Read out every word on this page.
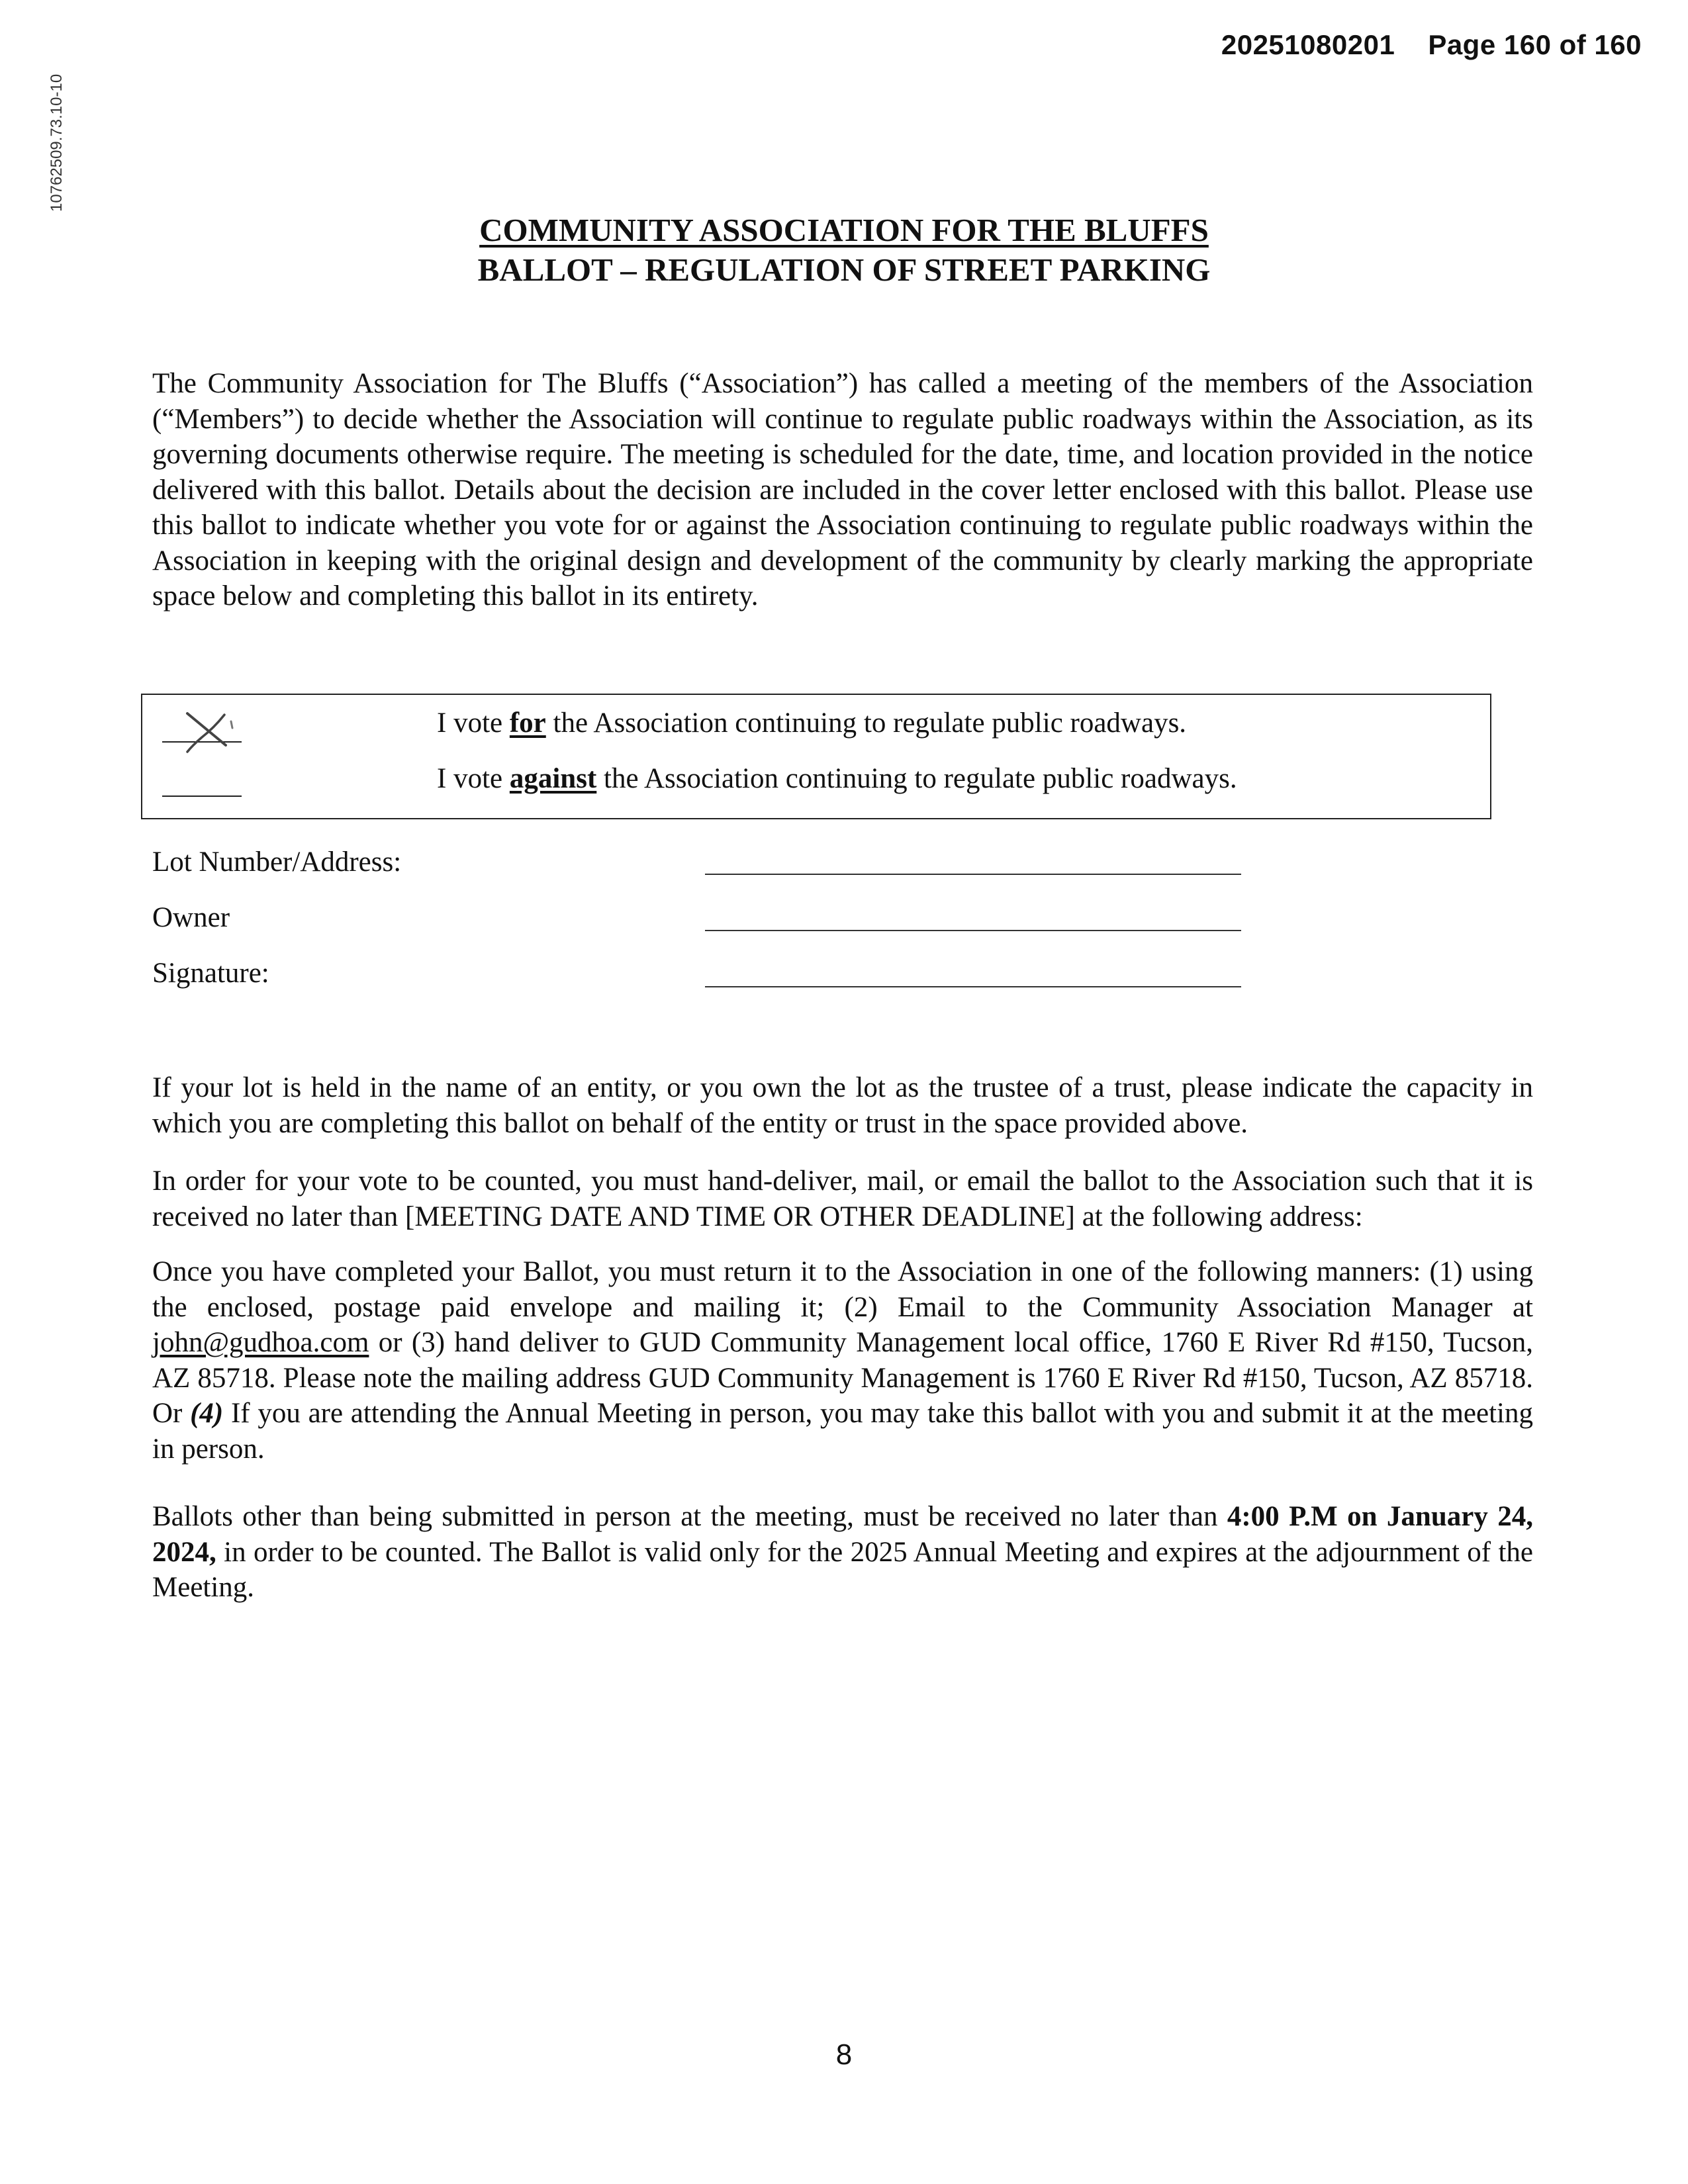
20251080201 Page 160 of 160
10762509.73.10-10
COMMUNITY ASSOCIATION FOR THE BLUFFS
BALLOT – REGULATION OF STREET PARKING

The Community Association for The Bluffs (“Association”) has called a meeting of the members of the Association (“Members”) to decide whether the Association will continue to regulate public roadways within the Association, as its governing documents otherwise require. The meeting is scheduled for the date, time, and location provided in the notice delivered with this ballot. Details about the decision are included in the cover letter enclosed with this ballot. Please use this ballot to indicate whether you vote for or against the Association continuing to regulate public roadways within the Association in keeping with the original design and development of the community by clearly marking the appropriate space below and completing this ballot in its entirety.

I vote for the Association continuing to regulate public roadways.
I vote against the Association continuing to regulate public roadways.
Lot Number/Address:
Owner
Signature:

If your lot is held in the name of an entity, or you own the lot as the trustee of a trust, please indicate the capacity in which you are completing this ballot on behalf of the entity or trust in the space provided above.

In order for your vote to be counted, you must hand-deliver, mail, or email the ballot to the Association such that it is received no later than [MEETING DATE AND TIME OR OTHER DEADLINE] at the following address:

Once you have completed your Ballot, you must return it to the Association in one of the following manners: (1) using the enclosed, postage paid envelope and mailing it; (2) Email to the Community Association Manager at john@gudhoa.com or (3) hand deliver to GUD Community Management local office, 1760 E River Rd #150, Tucson, AZ 85718. Please note the mailing address GUD Community Management is 1760 E River Rd #150, Tucson, AZ 85718. Or (4) If you are attending the Annual Meeting in person, you may take this ballot with you and submit it at the meeting in person.

Ballots other than being submitted in person at the meeting, must be received no later than 4:00 P.M on January 24, 2024, in order to be counted. The Ballot is valid only for the 2025 Annual Meeting and expires at the adjournment of the Meeting.

8
